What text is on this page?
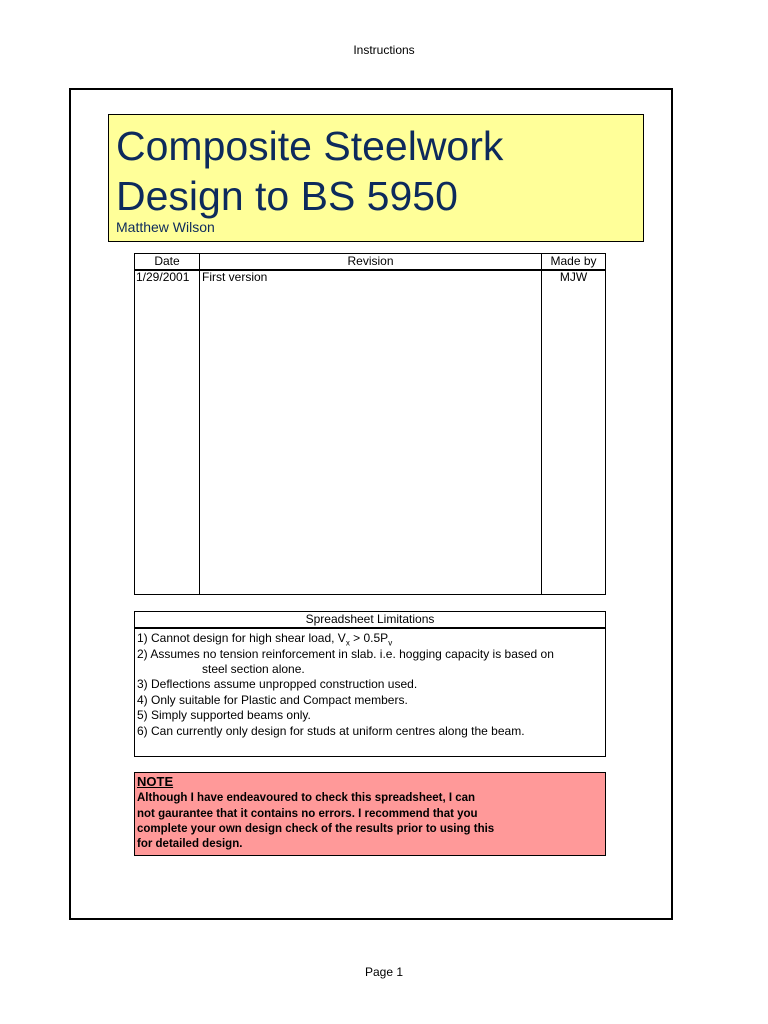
Instructions
Composite Steelwork
Design to BS 5950
Matthew Wilson
Date	Revision	Made by
1/29/2001 First version	MJW
Spreadsheet Limitations
1) Cannot design for high shear load, $V_x > 0.5P_v$
2) Assumes no tension reinforcement in slab. i.e. hogging capacity is based on
steel section alone.
3) Deflections assume unpropped construction used.
4) Only suitable for Plastic and Compact members.
5) Simply supported beams only.
6) Can currently only design for studs at uniform centres along the beam.
NOTE
Although I have endeavoured to check this spreadsheet, I can
not gaurantee that it contains no errors. I recommend that you
complete your own design check of the results prior to using this
for detailed design.
Page 1
